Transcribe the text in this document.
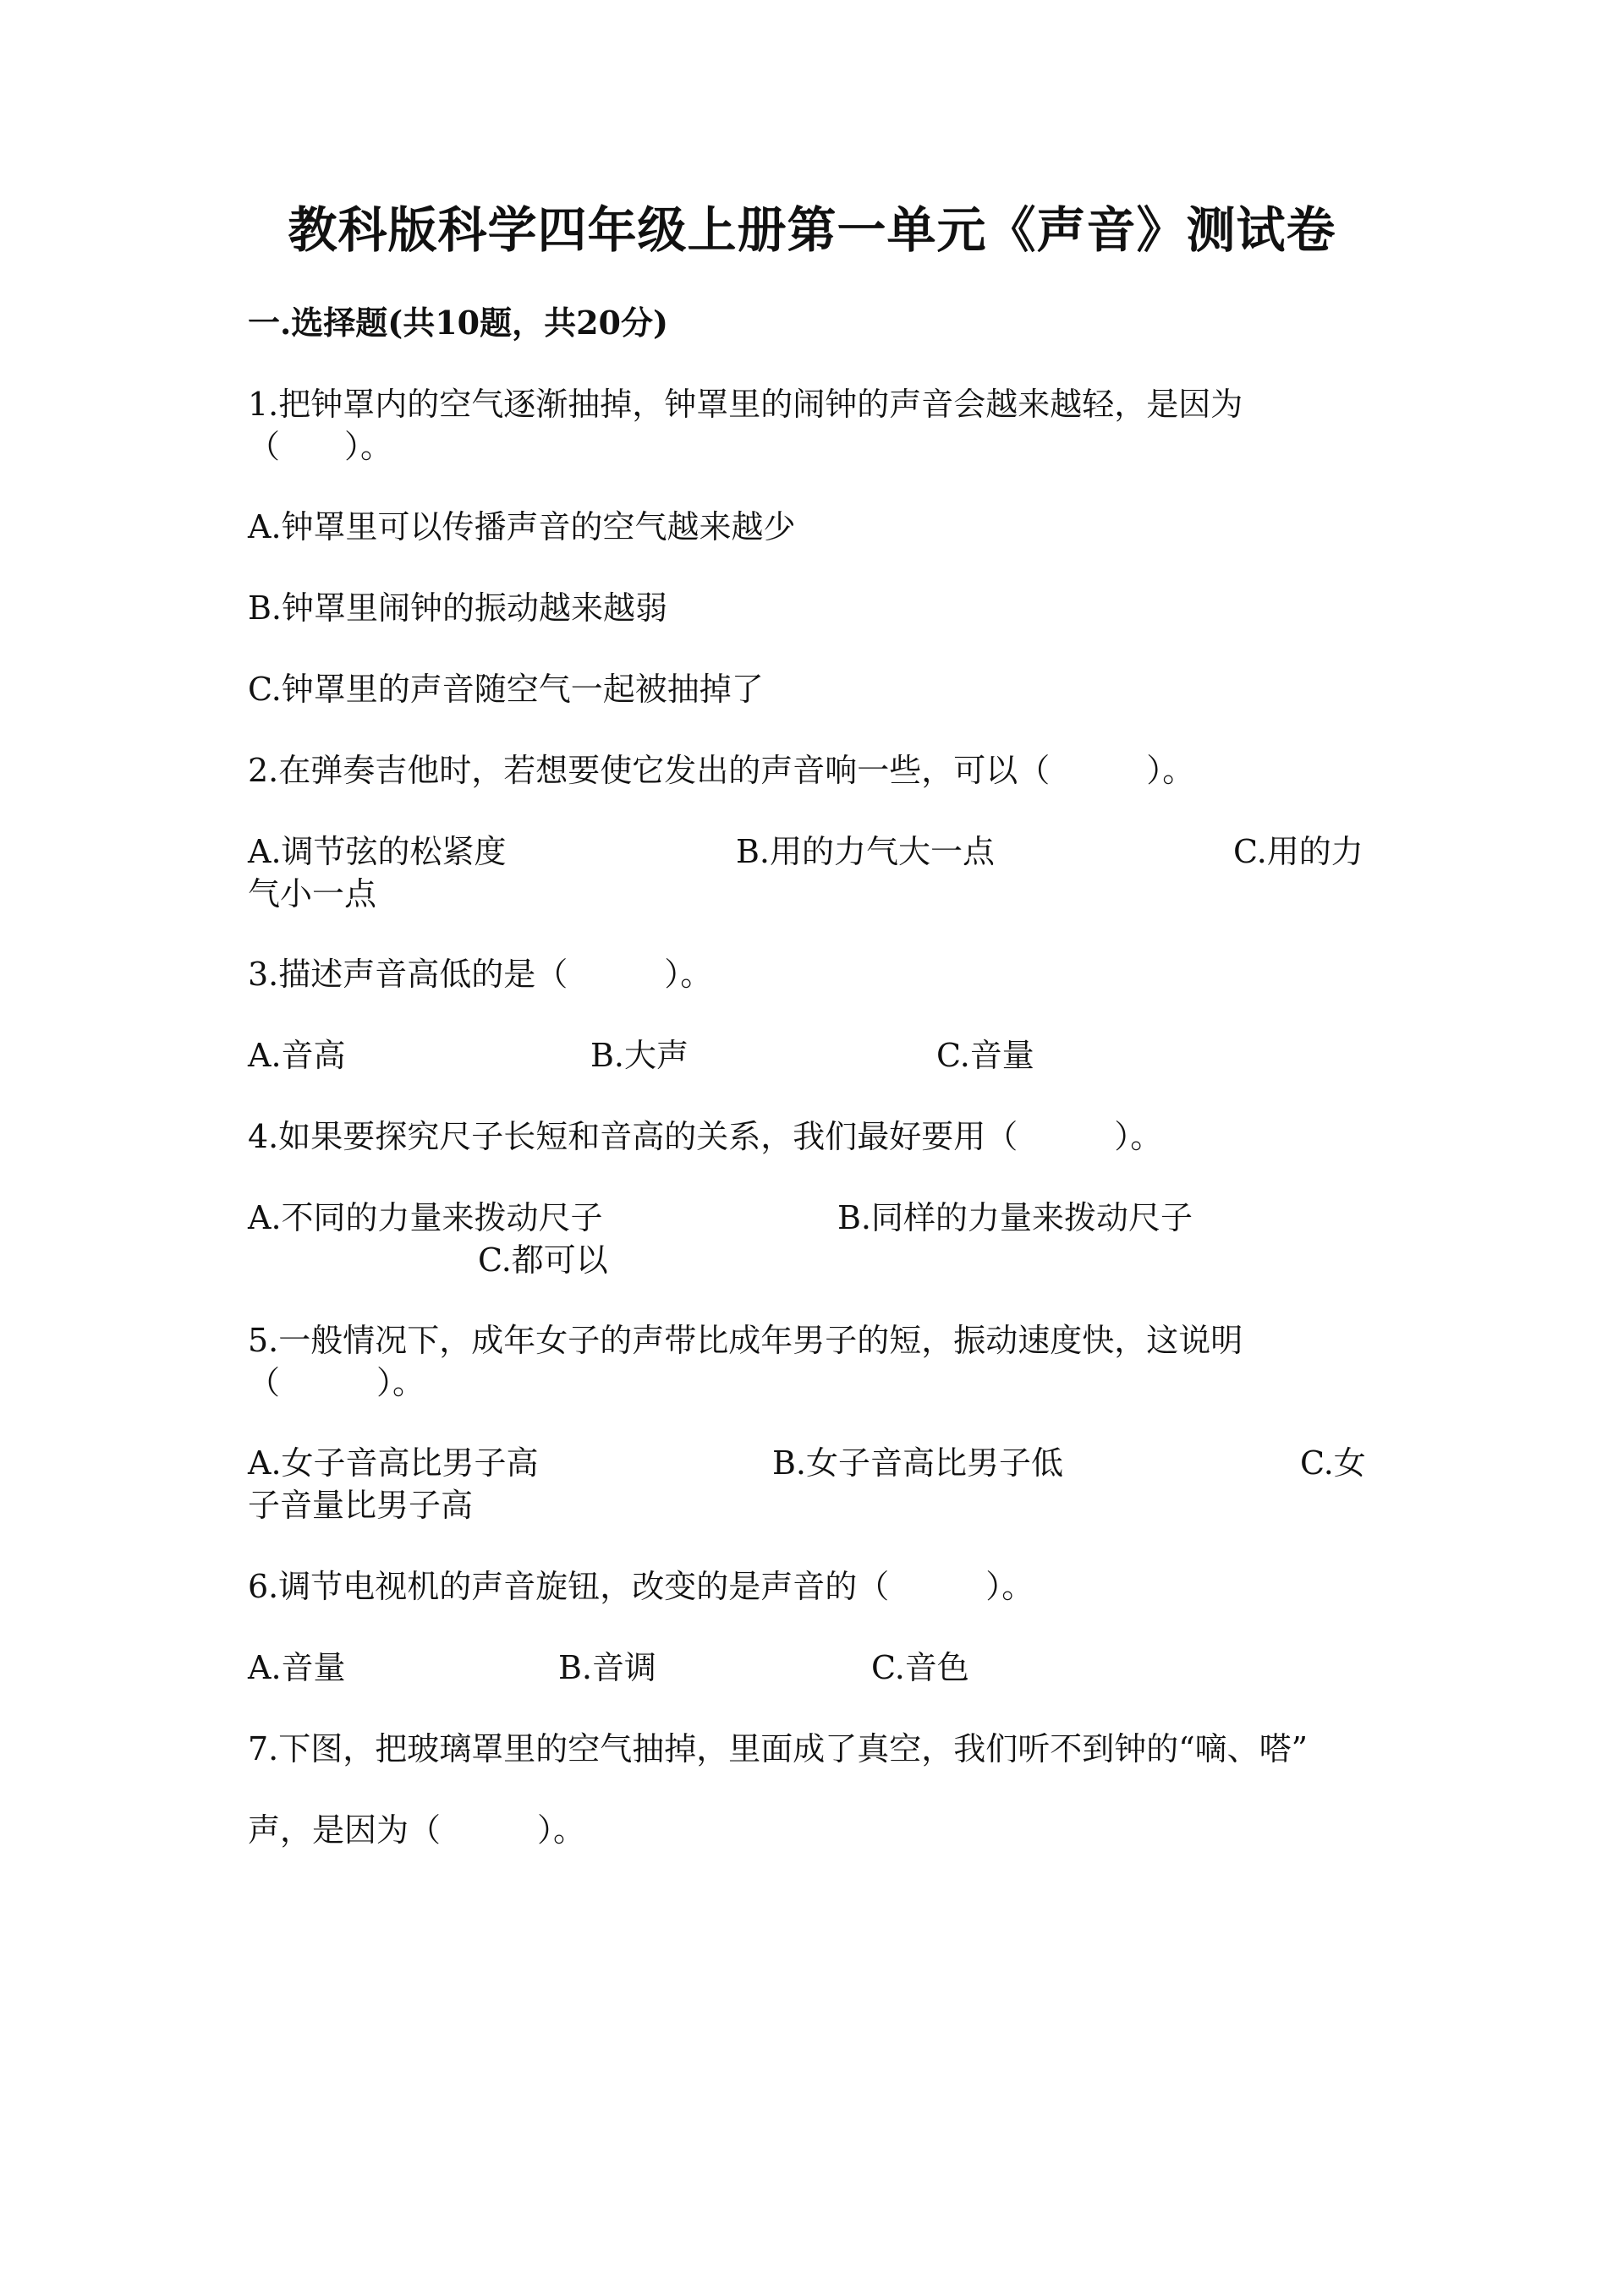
教科版科学四年级上册第一单元《声音》测试卷
一.选择题(共10题，共20分)
1.把钟罩内的空气逐渐抽掉，钟罩里的闹钟的声音会越来越轻，是因为
（　　）。
A.钟罩里可以传播声音的空气越来越少
B.钟罩里闹钟的振动越来越弱
C.钟罩里的声音随空气一起被抽掉了
2.在弹奏吉他时，若想要使它发出的声音响一些，可以（　　　）。
A.调节弦的松紧度	B.用的力气大一点	C.用的力
气小一点
3.描述声音高低的是（　　　）。
A.音高	B.大声	C.音量
4.如果要探究尺子长短和音高的关系，我们最好要用（　　　）。
A.不同的力量来拨动尺子	B.同样的力量来拨动尺子
C.都可以
5.一般情况下，成年女子的声带比成年男子的短，振动速度快，这说明
（　　　）。
A.女子音高比男子高	B.女子音高比男子低	C.女
子音量比男子高
6.调节电视机的声音旋钮，改变的是声音的（　　　）。
A.音量	B.音调	C.音色
7.下图，把玻璃罩里的空气抽掉，里面成了真空，我们听不到钟的“嘀、嗒”
声，是因为（　　　）。
